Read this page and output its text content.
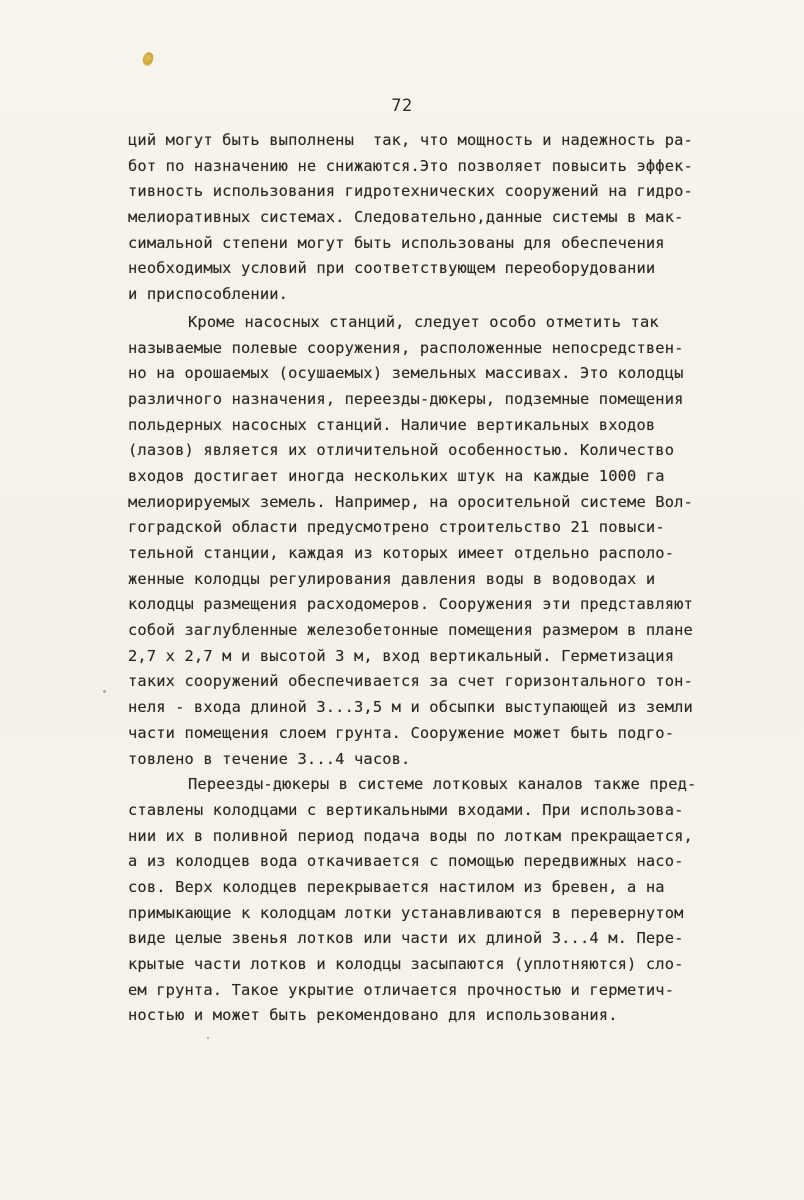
72
ций могут быть выполнены  так, что мощность и надежность ра-
бот по назначению не снижаются.Это позволяет повысить эффек-
тивность использования гидротехнических сооружений на гидро-
мелиоративных системах. Следовательно,данные системы в мак-
симальной степени могут быть использованы для обеспечения
необходимых условий при соответствующем переоборудовании
и приспособлении.
Кроме насосных станций, следует особо отметить так
называемые полевые сооружения, расположенные непосредствен-
но на орошаемых (осушаемых) земельных массивах. Это колодцы
различного назначения, переезды-дюкеры, подземные помещения
польдерных насосных станций. Наличие вертикальных входов
(лазов) является их отличительной особенностью. Количество
входов достигает иногда нескольких штук на каждые 1000 га
мелиорируемых земель. Например, на оросительной системе Вол-
гоградской области предусмотрено строительство 21 повыси-
тельной станции, каждая из которых имеет отдельно располо-
женные колодцы регулирования давления воды в водоводах и
колодцы размещения расходомеров. Сооружения эти представляют
собой заглубленные железобетонные помещения размером в плане
2,7 х 2,7 м и высотой 3 м, вход вертикальный. Герметизация
таких сооружений обеспечивается за счет горизонтального тон-
неля - входа длиной 3...3,5 м и обсыпки выступающей из земли
части помещения слоем грунта. Сооружение может быть подго-
товлено в течение 3...4 часов.
Переезды-дюкеры в системе лотковых каналов также пред-
ставлены колодцами с вертикальными входами. При использова-
нии их в поливной период подача воды по лоткам прекращается,
а из колодцев вода откачивается с помощью передвижных насо-
сов. Верх колодцев перекрывается настилом из бревен, а на
примыкающие к колодцам лотки устанавливаются в перевернутом
виде целые звенья лотков или части их длиной 3...4 м. Пере-
крытые части лотков и колодцы засыпаются (уплотняются) сло-
ем грунта. Такое укрытие отличается прочностью и герметич-
ностью и может быть рекомендовано для использования.
